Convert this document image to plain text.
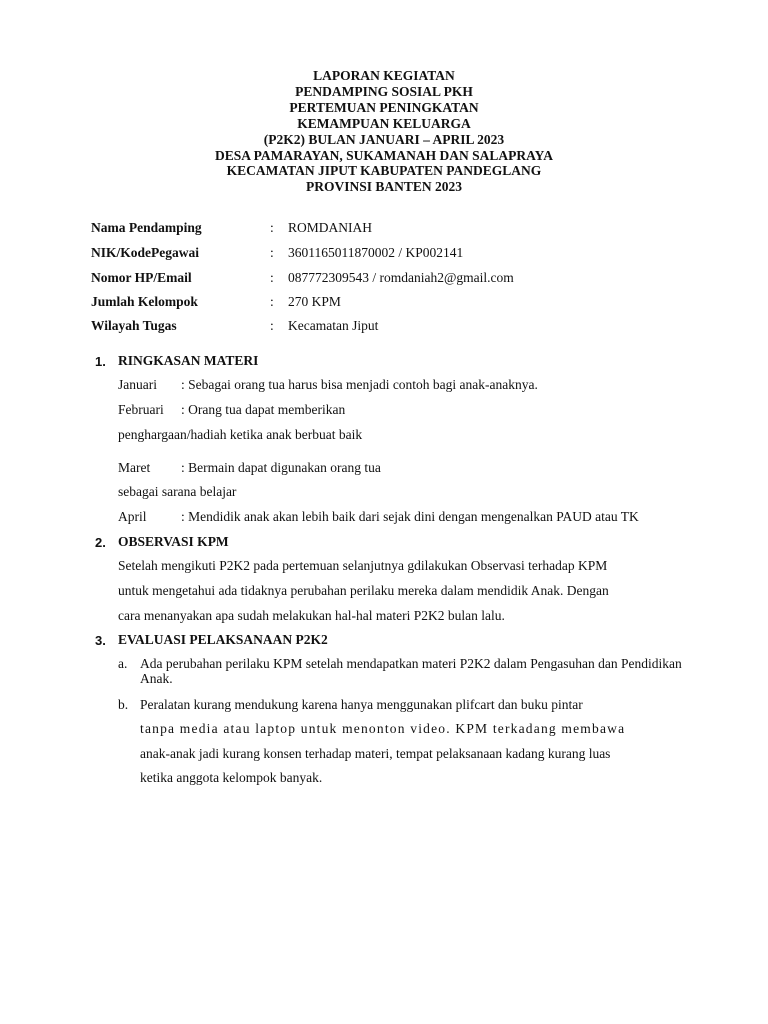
LAPORAN KEGIATAN
PENDAMPING SOSIAL PKH
PERTEMUAN PENINGKATAN
KEMAMPUAN KELUARGA
(P2K2) BULAN JANUARI – APRIL 2023
DESA PAMARAYAN, SUKAMANAH DAN SALAPRAYA
KECAMATAN JIPUT KABUPATEN PANDEGLANG
PROVINSI BANTEN 2023
Nama Pendamping	: ROMDANIAH
NIK/KodePegawai	: 3601165011870002 / KP002141
Nomor HP/Email	: 087772309543 / romdaniah2@gmail.com
Jumlah Kelompok	: 270 KPM
Wilayah Tugas	: Kecamatan Jiput
1. RINGKASAN MATERI
Januari : Sebagai orang tua harus bisa menjadi contoh bagi anak-anaknya.
Februari : Orang tua dapat memberikan
penghargaan/hadiah ketika anak berbuat baik
Maret : Bermain dapat digunakan orang tua
sebagai sarana belajar
April	: Mendidik anak akan lebih baik dari sejak dini dengan mengenalkan PAUD atau TK
2. OBSERVASI KPM
Setelah mengikuti P2K2 pada pertemuan selanjutnya gdilakukan Observasi terhadap KPM
untuk mengetahui ada tidaknya perubahan perilaku mereka dalam mendidik Anak. Dengan
cara menanyakan apa sudah melakukan hal-hal materi P2K2 bulan lalu.
3. EVALUASI PELAKSANAAN P2K2
a. Ada perubahan perilaku KPM setelah mendapatkan materi P2K2 dalam Pengasuhan dan Pendidikan Anak.
b. Peralatan kurang mendukung karena hanya menggunakan plifcart dan buku pintar
tanpa media atau laptop untuk menonton video. KPM terkadang membawa
anak-anak jadi kurang konsen terhadap materi, tempat pelaksanaan kadang kurang luas
ketika anggota kelompok banyak.
